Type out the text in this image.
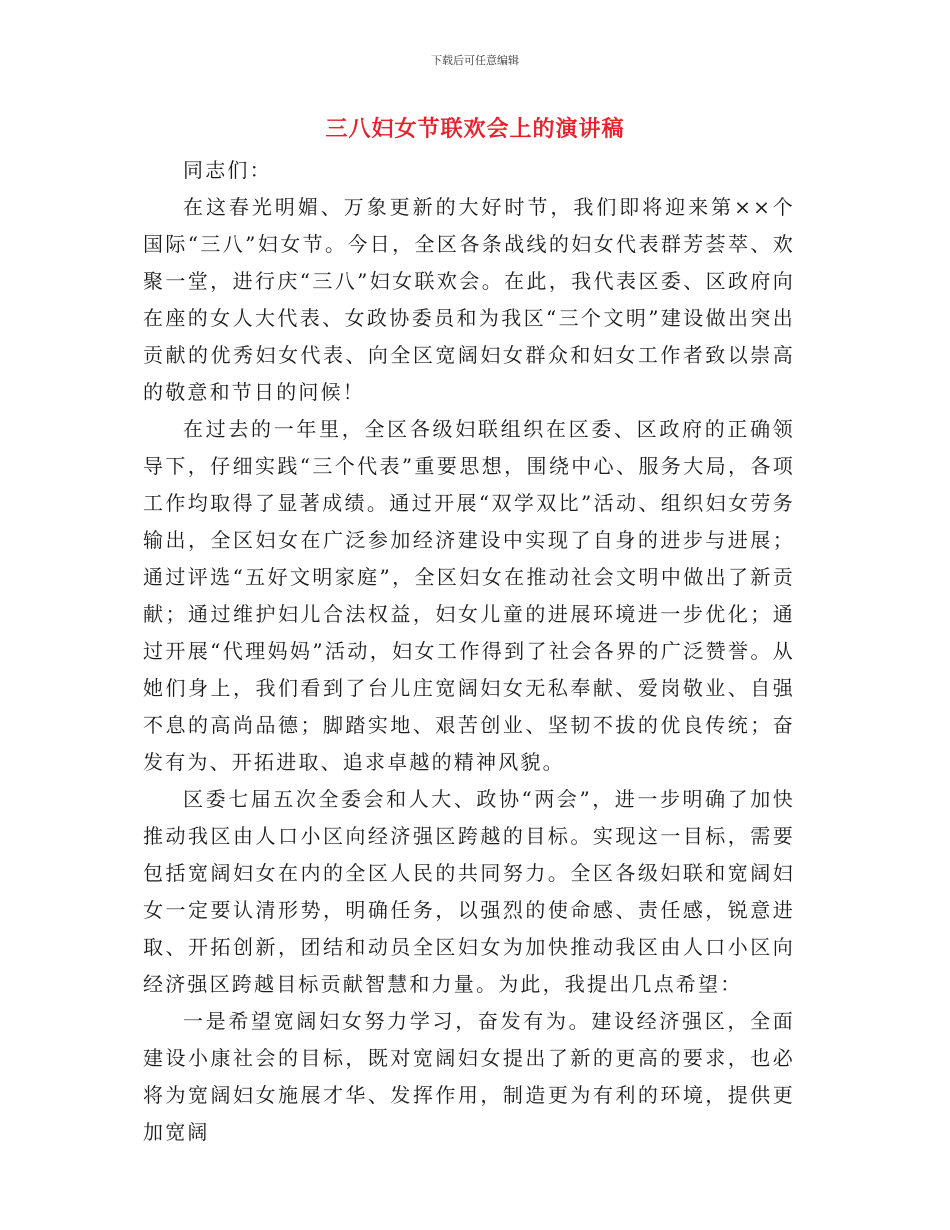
下载后可任意编辑
三八妇女节联欢会上的演讲稿

同志们：

在这春光明媚、万象更新的大好时节，我们即将迎来第××个国际“三八”妇女节。今日，全区各条战线的妇女代表群芳荟萃、欢聚一堂，进行庆“三八”妇女联欢会。在此，我代表区委、区政府向在座的女人大代表、女政协委员和为我区“三个文明”建设做出突出贡献的优秀妇女代表、向全区宽阔妇女群众和妇女工作者致以崇高的敬意和节日的问候！

在过去的一年里，全区各级妇联组织在区委、区政府的正确领导下，仔细实践“三个代表”重要思想，围绕中心、服务大局，各项工作均取得了显著成绩。通过开展“双学双比”活动、组织妇女劳务输出，全区妇女在广泛参加经济建设中实现了自身的进步与进展；通过评选“五好文明家庭”，全区妇女在推动社会文明中做出了新贡献；通过维护妇儿合法权益，妇女儿童的进展环境进一步优化；通过开展“代理妈妈”活动，妇女工作得到了社会各界的广泛赞誉。从她们身上，我们看到了台儿庄宽阔妇女无私奉献、爱岗敬业、自强不息的高尚品德；脚踏实地、艰苦创业、坚韧不拔的优良传统；奋发有为、开拓进取、追求卓越的精神风貌。

区委七届五次全委会和人大、政协“两会”，进一步明确了加快推动我区由人口小区向经济强区跨越的目标。实现这一目标，需要包括宽阔妇女在内的全区人民的共同努力。全区各级妇联和宽阔妇女一定要认清形势，明确任务，以强烈的使命感、责任感，锐意进取、开拓创新，团结和动员全区妇女为加快推动我区由人口小区向经济强区跨越目标贡献智慧和力量。为此，我提出几点希望：

一是希望宽阔妇女努力学习，奋发有为。建设经济强区，全面建设小康社会的目标，既对宽阔妇女提出了新的更高的要求，也必将为宽阔妇女施展才华、发挥作用，制造更为有利的环境，提供更加宽阔
